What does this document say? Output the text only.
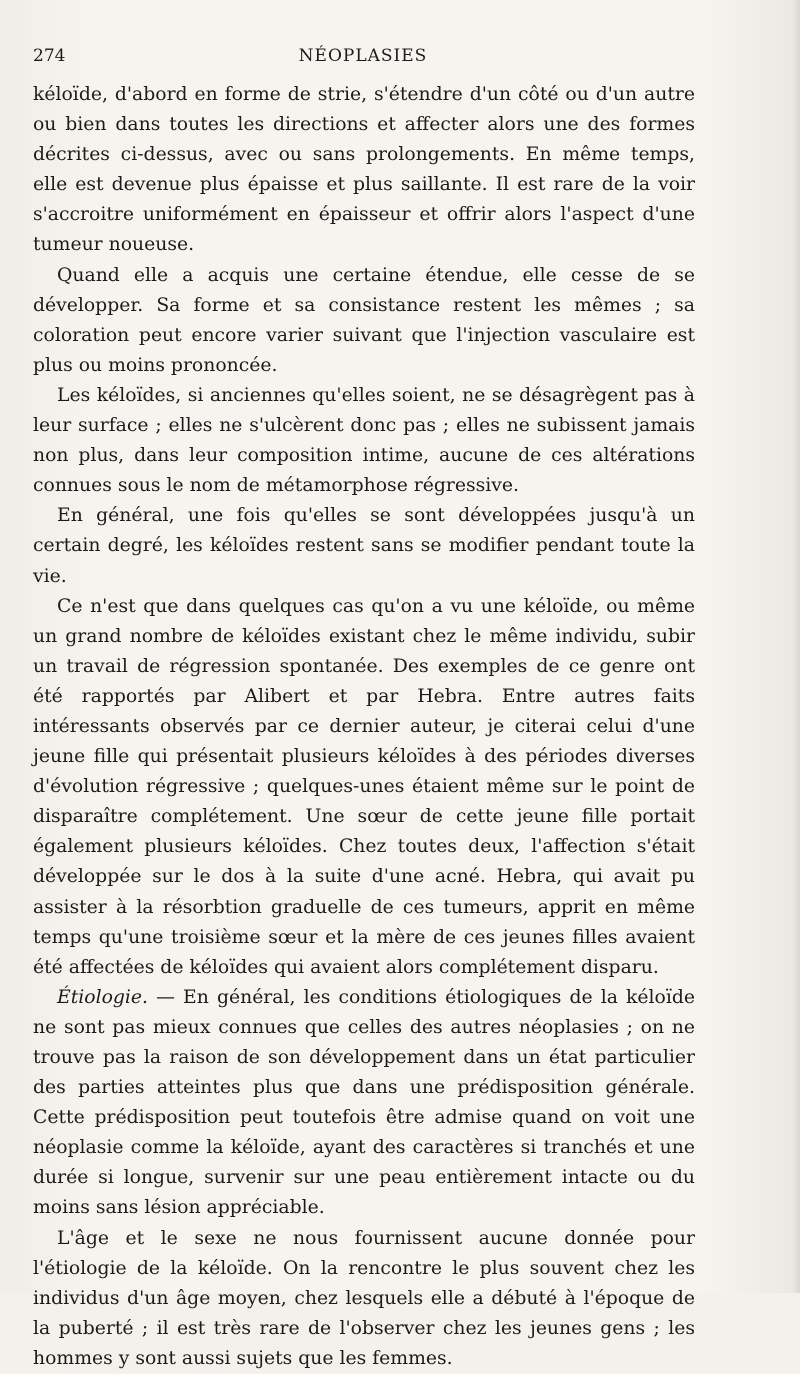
274	NÉOPLASIES

kéloïde, d'abord en forme de strie, s'étendre d'un côté ou d'un autre ou bien dans toutes les directions et affecter alors une des formes décrites ci-dessus, avec ou sans prolongements. En même temps, elle est devenue plus épaisse et plus saillante. Il est rare de la voir s'accroitre uniformément en épaisseur et offrir alors l'aspect d'une tumeur noueuse.

Quand elle a acquis une certaine étendue, elle cesse de se développer. Sa forme et sa consistance restent les mêmes ; sa coloration peut encore varier suivant que l'injection vasculaire est plus ou moins prononcée.

Les kéloïdes, si anciennes qu'elles soient, ne se désagrègent pas à leur surface ; elles ne s'ulcèrent donc pas ; elles ne subissent jamais non plus, dans leur composition intime, aucune de ces altérations connues sous le nom de métamorphose régressive.

En général, une fois qu'elles se sont développées jusqu'à un certain degré, les kéloïdes restent sans se modifier pendant toute la vie.

Ce n'est que dans quelques cas qu'on a vu une kéloïde, ou même un grand nombre de kéloïdes existant chez le même individu, subir un travail de régression spontanée. Des exemples de ce genre ont été rapportés par Alibert et par Hebra. Entre autres faits intéressants observés par ce dernier auteur, je citerai celui d'une jeune fille qui présentait plusieurs kéloïdes à des périodes diverses d'évolution régressive ; quelques-unes étaient même sur le point de disparaître complétement. Une sœur de cette jeune fille portait également plusieurs kéloïdes. Chez toutes deux, l'affection s'était développée sur le dos à la suite d'une acné. Hebra, qui avait pu assister à la résorbtion graduelle de ces tumeurs, apprit en même temps qu'une troisième sœur et la mère de ces jeunes filles avaient été affectées de kéloïdes qui avaient alors complétement disparu.

Étiologie. — En général, les conditions étiologiques de la kéloïde ne sont pas mieux connues que celles des autres néoplasies ; on ne trouve pas la raison de son développement dans un état particulier des parties atteintes plus que dans une prédisposition générale. Cette prédisposition peut toutefois être admise quand on voit une néoplasie comme la kéloïde, ayant des caractères si tranchés et une durée si longue, survenir sur une peau entièrement intacte ou du moins sans lésion appréciable.

L'âge et le sexe ne nous fournissent aucune donnée pour l'étiologie de la kéloïde. On la rencontre le plus souvent chez les individus d'un âge moyen, chez lesquels elle a débuté à l'époque de la puberté ; il est très rare de l'observer chez les jeunes gens ; les hommes y sont aussi sujets que les femmes.
